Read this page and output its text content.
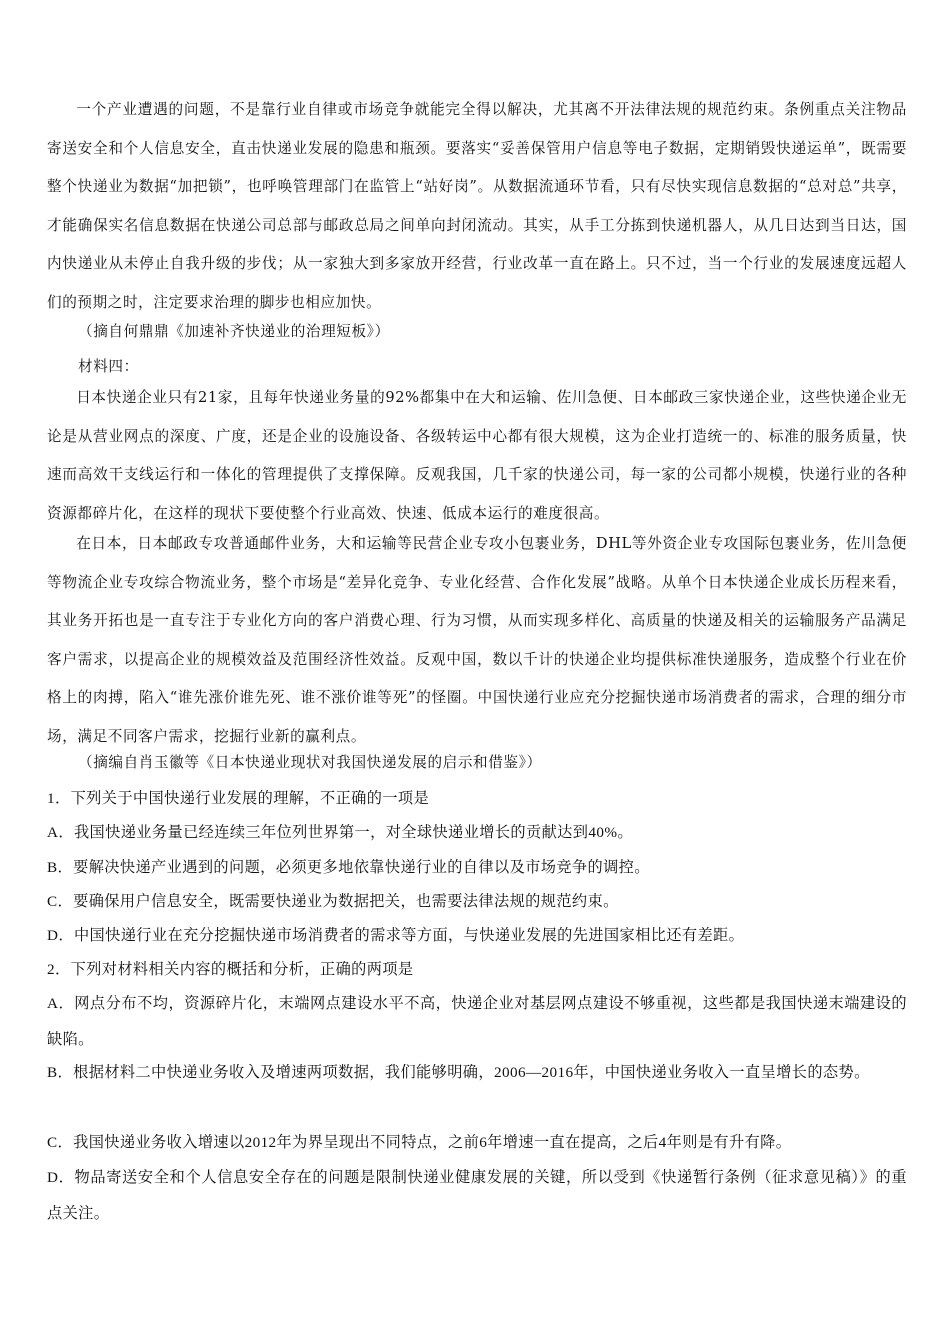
一个产业遭遇的问题，不是靠行业自律或市场竞争就能完全得以解决，尤其离不开法律法规的规范约束。条例重点关注物品寄送安全和个人信息安全，直击快递业发展的隐患和瓶颈。要落实“妥善保管用户信息等电子数据，定期销毁快递运单”，既需要整个快递业为数据“加把锁”，也呼唤管理部门在监管上“站好岗”。从数据流通环节看，只有尽快实现信息数据的“总对总”共享，才能确保实名信息数据在快递公司总部与邮政总局之间单向封闭流动。其实，从手工分拣到快递机器人，从几日达到当日达，国内快递业从未停止自我升级的步伐；从一家独大到多家放开经营，行业改革一直在路上。只不过，当一个行业的发展速度远超人们的预期之时，注定要求治理的脚步也相应加快。

（摘自何鼎鼎《加速补齐快递业的治理短板》）

材料四：

日本快递企业只有21家，且每年快递业务量的92%都集中在大和运输、佐川急便、日本邮政三家快递企业，这些快递企业无论是从营业网点的深度、广度，还是企业的设施设备、各级转运中心都有很大规模，这为企业打造统一的、标准的服务质量，快速而高效干支线运行和一体化的管理提供了支撑保障。反观我国，几千家的快递公司，每一家的公司都小规模，快递行业的各种资源都碎片化，在这样的现状下要使整个行业高效、快速、低成本运行的难度很高。

在日本，日本邮政专攻普通邮件业务，大和运输等民营企业专攻小包裹业务，DHL等外资企业专攻国际包裹业务，佐川急便等物流企业专攻综合物流业务，整个市场是“差异化竞争、专业化经营、合作化发展”战略。从单个日本快递企业成长历程来看，其业务开拓也是一直专注于专业化方向的客户消费心理、行为习惯，从而实现多样化、高质量的快递及相关的运输服务产品满足客户需求，以提高企业的规模效益及范围经济性效益。反观中国，数以千计的快递企业均提供标准快递服务，造成整个行业在价格上的肉搏，陷入“谁先涨价谁先死、谁不涨价谁等死”的怪圈。中国快递行业应充分挖掘快递市场消费者的需求，合理的细分市场，满足不同客户需求，挖掘行业新的赢利点。

（摘编自肖玉徽等《日本快递业现状对我国快递发展的启示和借鉴》）

1．下列关于中国快递行业发展的理解，不正确的一项是

A．我国快递业务量已经连续三年位列世界第一，对全球快递业增长的贡献达到40%。

B．要解决快递产业遇到的问题，必须更多地依靠快递行业的自律以及市场竞争的调控。

C．要确保用户信息安全，既需要快递业为数据把关，也需要法律法规的规范约束。

D．中国快递行业在充分挖掘快递市场消费者的需求等方面，与快递业发展的先进国家相比还有差距。

2．下列对材料相关内容的概括和分析，正确的两项是

A．网点分布不均，资源碎片化，末端网点建设水平不高，快递企业对基层网点建设不够重视，这些都是我国快递末端建设的缺陷。

B．根据材料二中快递业务收入及增速两项数据，我们能够明确，2006—2016年，中国快递业务收入一直呈增长的态势。

C．我国快递业务收入增速以2012年为界呈现出不同特点，之前6年增速一直在提高，之后4年则是有升有降。

D．物品寄送安全和个人信息安全存在的问题是限制快递业健康发展的关键，所以受到《快递暂行条例（征求意见稿）》的重点关注。
